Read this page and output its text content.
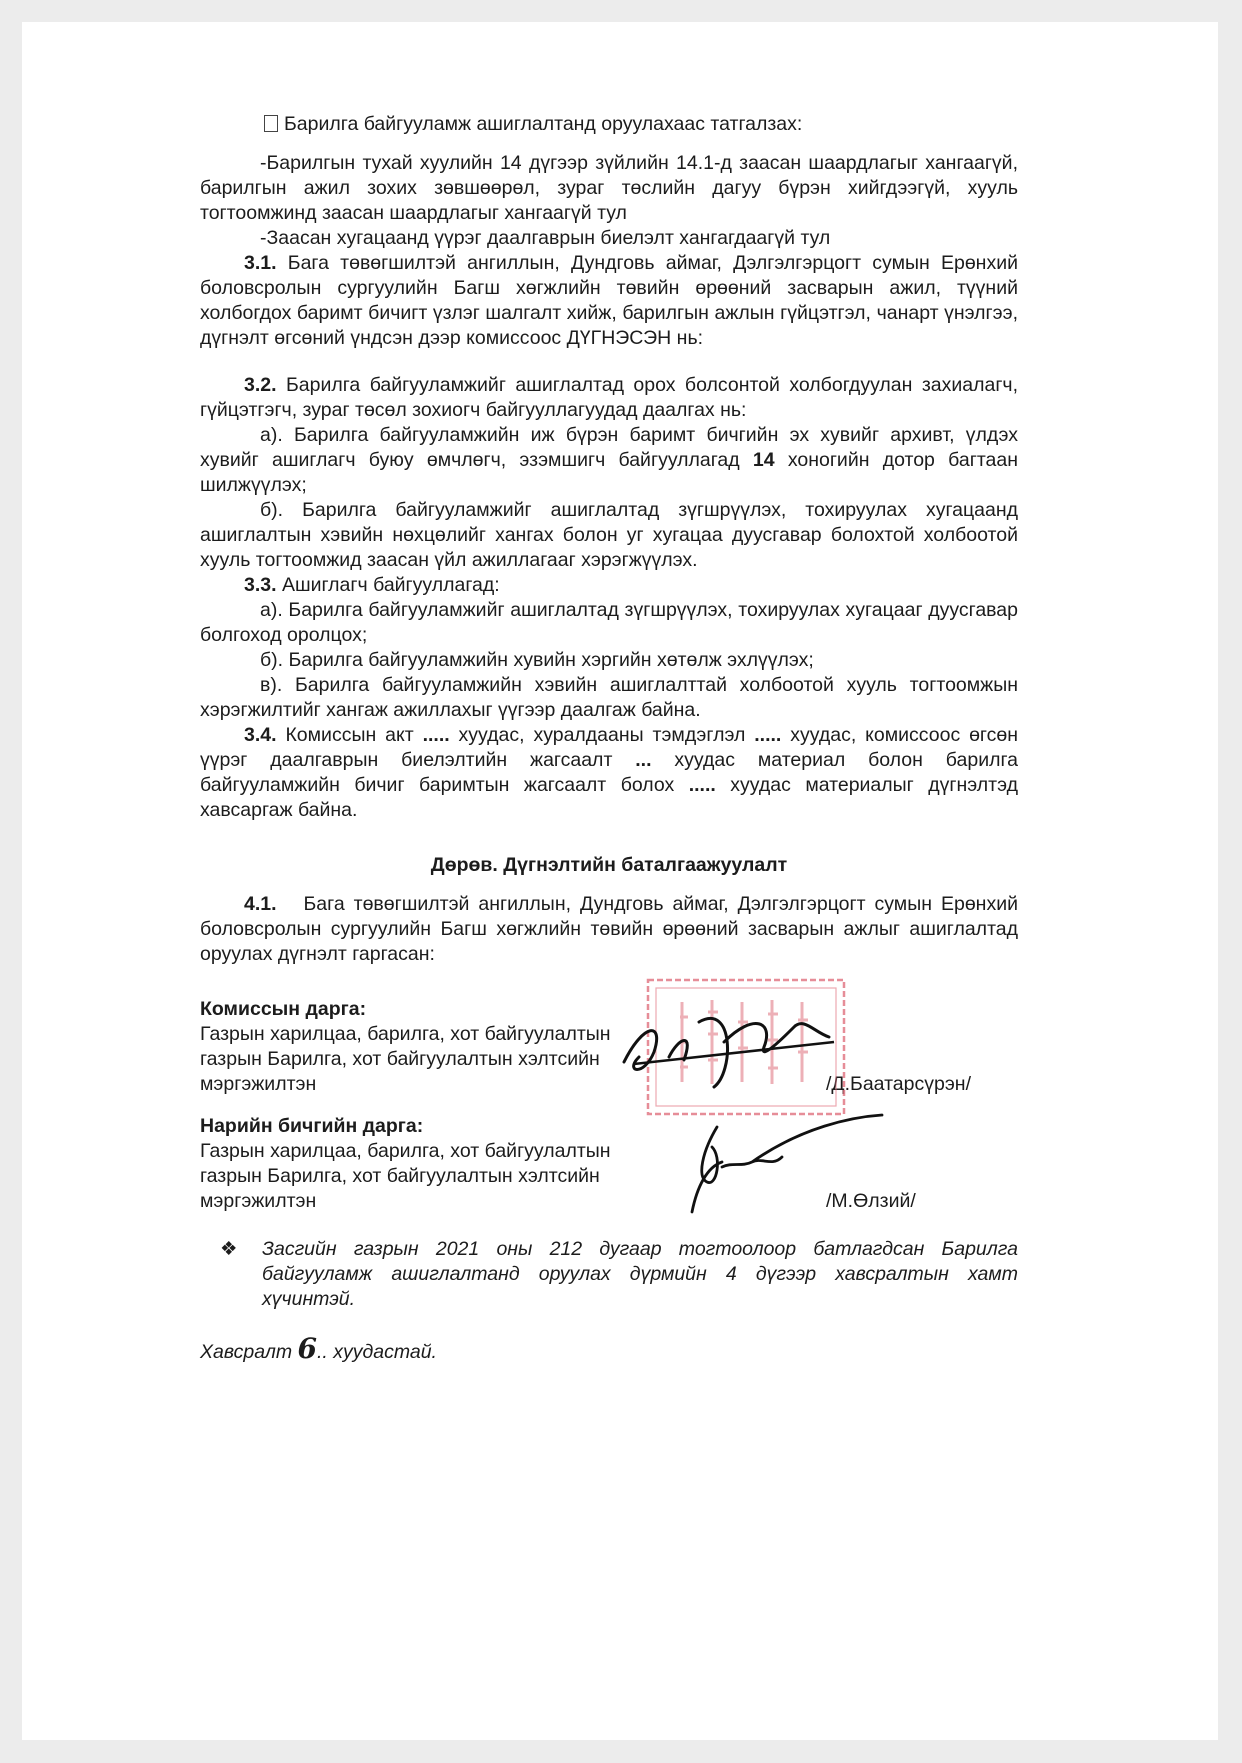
Барилга байгууламж ашиглалтанд оруулахаас татгалзах:

-Барилгын тухай хуулийн 14 дүгээр зүйлийн 14.1-д заасан шаардлагыг хангаагүй, барилгын ажил зохих зөвшөөрөл, зураг төслийн дагуу бүрэн хийгдээгүй, хууль тогтоомжинд заасан шаардлагыг хангаагүй тул

-Заасан хугацаанд үүрэг даалгаврын биелэлт хангагдаагүй тул

3.1. Бага төвөгшилтэй ангиллын, Дундговь аймаг, Дэлгэлгэрцогт сумын Ерөнхий боловсролын сургуулийн Багш хөгжлийн төвийн өрөөний засварын ажил, түүний холбогдох баримт бичигт үзлэг шалгалт хийж, барилгын ажлын гүйцэтгэл, чанарт үнэлгээ, дүгнэлт өгсөний үндсэн дээр комиссоос ДҮГНЭСЭН нь:

3.2. Барилга байгууламжийг ашиглалтад орох болсонтой холбогдуулан захиалагч, гүйцэтгэгч, зураг төсөл зохиогч байгууллагуудад даалгах нь:

а). Барилга байгууламжийн иж бүрэн баримт бичгийн эх хувийг архивт, үлдэх хувийг ашиглагч буюу өмчлөгч, эзэмшигч байгууллагад 14 хоногийн дотор багтаан шилжүүлэх;

б). Барилга байгууламжийг ашиглалтад зүгшрүүлэх, тохируулах хугацаанд ашиглалтын хэвийн нөхцөлийг хангах болон уг хугацаа дуусгавар болохтой холбоотой хууль тогтоомжид заасан үйл ажиллагааг хэрэгжүүлэх.

3.3. Ашиглагч байгууллагад:

а). Барилга байгууламжийг ашиглалтад зүгшрүүлэх, тохируулах хугацааг дуусгавар болгоход оролцох;

б). Барилга байгууламжийн хувийн хэргийн хөтөлж эхлүүлэх;

в). Барилга байгууламжийн хэвийн ашиглалттай холбоотой хууль тогтоомжын хэрэгжилтийг хангаж ажиллахыг үүгээр даалгаж байна.

3.4. Комиссын акт ..... хуудас, хуралдааны тэмдэглэл ..... хуудас, комиссоос өгсөн үүрэг даалгаврын биелэлтийн жагсаалт ... хуудас материал болон барилга байгууламжийн бичиг баримтын жагсаалт болох ..... хуудас материалыг дүгнэлтэд хавсаргаж байна.

Дөрөв. Дүгнэлтийн баталгаажуулалт

4.1. Бага төвөгшилтэй ангиллын, Дундговь аймаг, Дэлгэлгэрцогт сумын Ерөнхий боловсролын сургуулийн Багш хөгжлийн төвийн өрөөний засварын ажлыг ашиглалтад оруулах дүгнэлт гаргасан:

Комиссын дарга:

Газрын харилцаа, барилга, хот байгуулалтын газрын Барилга, хот байгуулалтын хэлтсийн мэргэжилтэн	/Д.Баатарсүрэн/

Нарийн бичгийн дарга:

Газрын харилцаа, барилга, хот байгуулалтын газрын Барилга, хот байгуулалтын хэлтсийн мэргэжилтэн	/М.Өлзий/
❖ Засгийн газрын 2021 оны 212 дугаар тогтоолоор батлагдсан Барилга байгууламж ашиглалтанд оруулах дүрмийн 4 дүгээр хавсралтын хамт хүчинтэй.

Хавсралт 6.. хуудастай.
